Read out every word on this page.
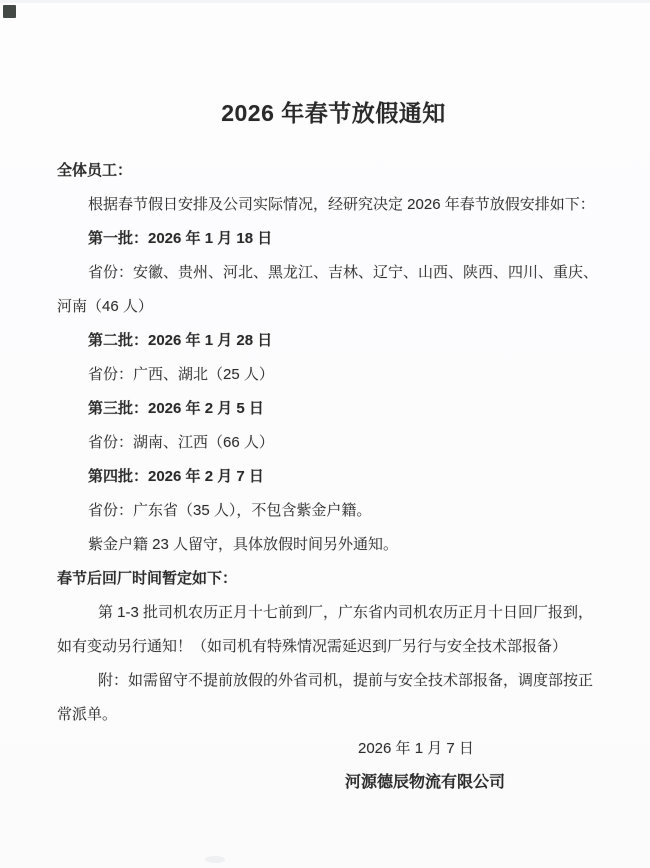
2026 年春节放假通知

全体员工：

根据春节假日安排及公司实际情况，经研究决定 2026 年春节放假安排如下：

第一批：2026 年 1 月 18 日

省份：安徽、贵州、河北、黑龙江、吉林、辽宁、山西、陕西、四川、重庆、

河南（46 人）

第二批：2026 年 1 月 28 日

省份：广西、湖北（25 人）

第三批：2026 年 2 月 5 日

省份：湖南、江西（66 人）

第四批：2026 年 2 月 7 日

省份：广东省（35 人），不包含紫金户籍。

紫金户籍 23 人留守，具体放假时间另外通知。

春节后回厂时间暂定如下：

第 1-3 批司机农历正月十七前到厂，广东省内司机农历正月十日回厂报到，

如有变动另行通知！（如司机有特殊情况需延迟到厂另行与安全技术部报备）

附：如需留守不提前放假的外省司机，提前与安全技术部报备，调度部按正

常派单。

2026 年 1 月 7 日

河源德辰物流有限公司
